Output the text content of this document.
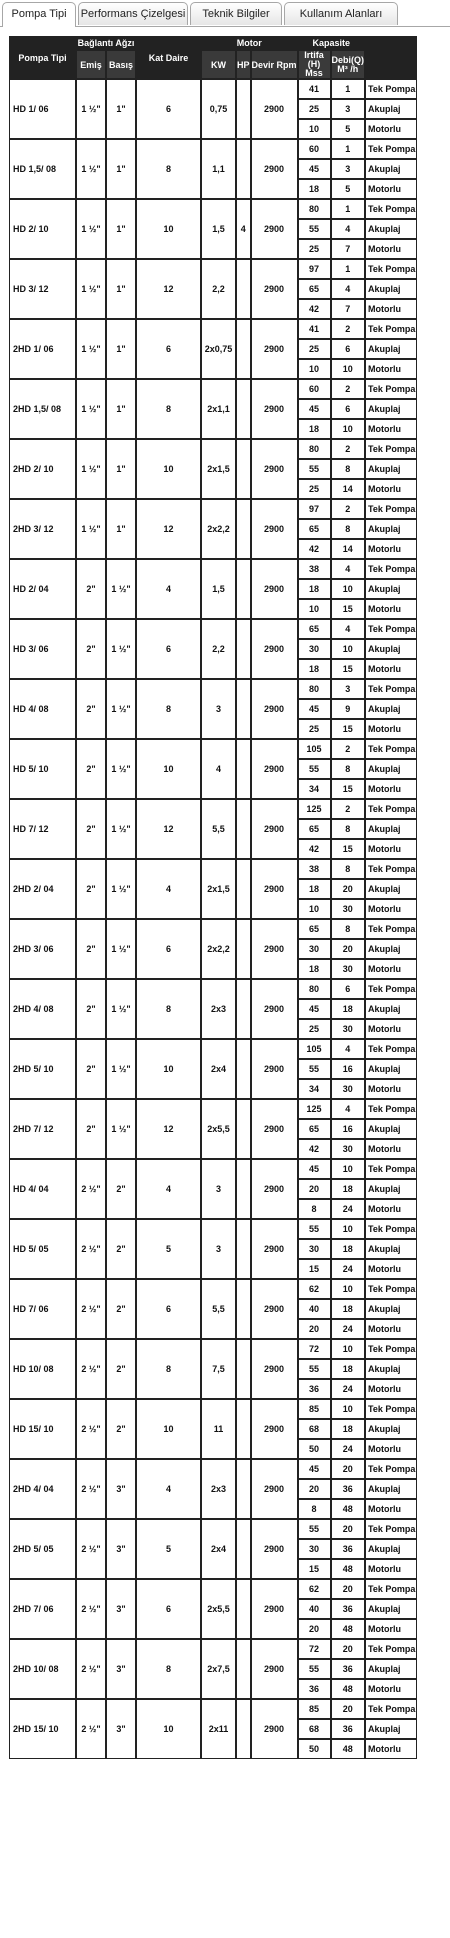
Pompa Tipi	Performans Çizelgesi	Teknik Bilgiler	Kullanım Alanları
Pompa Tipi	Bağlantı Ağzı		Kat Daire	Motor			Kapasite		
	Emiş	Basış		KW	HP	Devir Rpm	Irtifa (H) Mss	Debi(Q) M³ /h	
HD 1/ 06	1 ½"	1"	6	0,75		2900	41	1	Tek Pompa
							25	3	Akuplaj
							10	5	Motorlu
HD 1,5/ 08	1 ½"	1"	8	1,1		2900	60	1	Tek Pompa
							45	3	Akuplaj
							18	5	Motorlu
HD 2/ 10	1 ½"	1"	10	1,5	4	2900	80	1	Tek Pompa
							55	4	Akuplaj
							25	7	Motorlu
HD 3/ 12	1 ½"	1"	12	2,2		2900	97	1	Tek Pompa
							65	4	Akuplaj
							42	7	Motorlu
2HD 1/ 06	1 ½"	1"	6	2x0,75		2900	41	2	Tek Pompa
							25	6	Akuplaj
							10	10	Motorlu
2HD 1,5/ 08	1 ½"	1"	8	2x1,1		2900	60	2	Tek Pompa
							45	6	Akuplaj
							18	10	Motorlu
2HD 2/ 10	1 ½"	1"	10	2x1,5		2900	80	2	Tek Pompa
							55	8	Akuplaj
							25	14	Motorlu
2HD 3/ 12	1 ½"	1"	12	2x2,2		2900	97	2	Tek Pompa
							65	8	Akuplaj
							42	14	Motorlu
HD 2/ 04	2"	1 ½"	4	1,5		2900	38	4	Tek Pompa
							18	10	Akuplaj
							10	15	Motorlu
HD 3/ 06	2"	1 ½"	6	2,2		2900	65	4	Tek Pompa
							30	10	Akuplaj
							18	15	Motorlu
HD 4/ 08	2"	1 ½"	8	3		2900	80	3	Tek Pompa
							45	9	Akuplaj
							25	15	Motorlu
HD 5/ 10	2"	1 ½"	10	4		2900	105	2	Tek Pompa
							55	8	Akuplaj
							34	15	Motorlu
HD 7/ 12	2"	1 ½"	12	5,5		2900	125	2	Tek Pompa
							65	8	Akuplaj
							42	15	Motorlu
2HD 2/ 04	2"	1 ½"	4	2x1,5		2900	38	8	Tek Pompa
							18	20	Akuplaj
							10	30	Motorlu
2HD 3/ 06	2"	1 ½"	6	2x2,2		2900	65	8	Tek Pompa
							30	20	Akuplaj
							18	30	Motorlu
2HD 4/ 08	2"	1 ½"	8	2x3		2900	80	6	Tek Pompa
							45	18	Akuplaj
							25	30	Motorlu
2HD 5/ 10	2"	1 ½"	10	2x4		2900	105	4	Tek Pompa
							55	16	Akuplaj
							34	30	Motorlu
2HD 7/ 12	2"	1 ½"	12	2x5,5		2900	125	4	Tek Pompa
							65	16	Akuplaj
							42	30	Motorlu
HD 4/ 04	2 ½"	2"	4	3		2900	45	10	Tek Pompa
							20	18	Akuplaj
							8	24	Motorlu
HD 5/ 05	2 ½"	2"	5	3		2900	55	10	Tek Pompa
							30	18	Akuplaj
							15	24	Motorlu
HD 7/ 06	2 ½"	2"	6	5,5		2900	62	10	Tek Pompa
							40	18	Akuplaj
							20	24	Motorlu
HD 10/ 08	2 ½"	2"	8	7,5		2900	72	10	Tek Pompa
							55	18	Akuplaj
							36	24	Motorlu
HD 15/ 10	2 ½"	2"	10	11		2900	85	10	Tek Pompa
							68	18	Akuplaj
							50	24	Motorlu
2HD 4/ 04	2 ½"	3"	4	2x3		2900	45	20	Tek Pompa
							20	36	Akuplaj
							8	48	Motorlu
2HD 5/ 05	2 ½"	3"	5	2x4		2900	55	20	Tek Pompa
							30	36	Akuplaj
							15	48	Motorlu
2HD 7/ 06	2 ½"	3"	6	2x5,5		2900	62	20	Tek Pompa
							40	36	Akuplaj
							20	48	Motorlu
2HD 10/ 08	2 ½"	3"	8	2x7,5		2900	72	20	Tek Pompa
							55	36	Akuplaj
							36	48	Motorlu
2HD 15/ 10	2 ½"	3"	10	2x11		2900	85	20	Tek Pompa
							68	36	Akuplaj
							50	48	Motorlu
